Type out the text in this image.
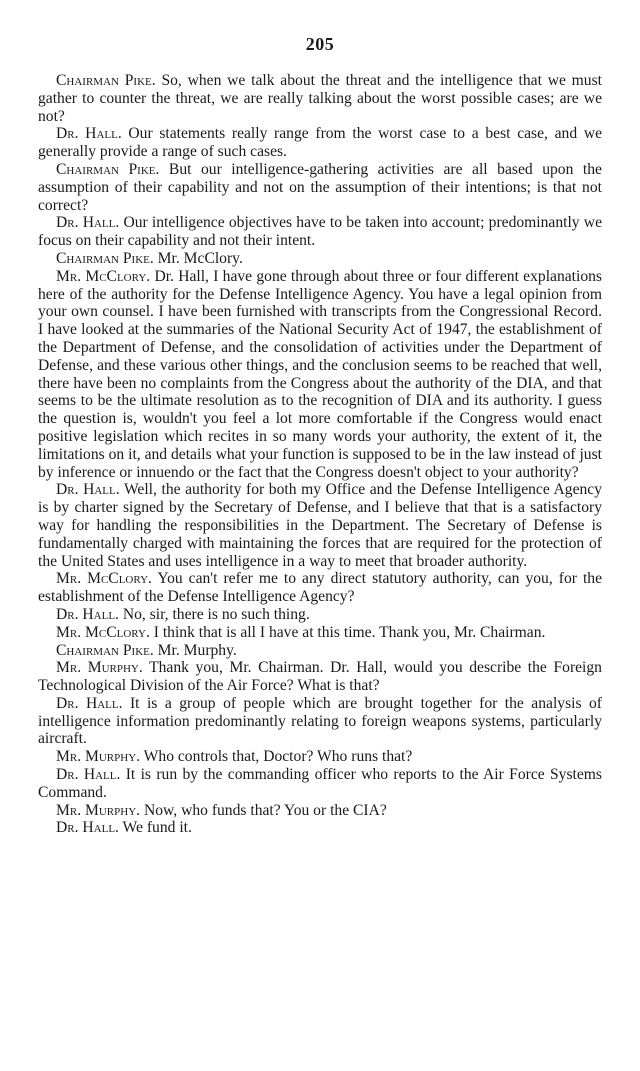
205

Chairman Pike. So, when we talk about the threat and the intelligence that we must gather to counter the threat, we are really talking about the worst possible cases; are we not?

Dr. Hall. Our statements really range from the worst case to a best case, and we generally provide a range of such cases.

Chairman Pike. But our intelligence-gathering activities are all based upon the assumption of their capability and not on the assumption of their intentions; is that not correct?

Dr. Hall. Our intelligence objectives have to be taken into account; predominantly we focus on their capability and not their intent.

Chairman Pike. Mr. McClory.

Mr. McClory. Dr. Hall, I have gone through about three or four different explanations here of the authority for the Defense Intelligence Agency. You have a legal opinion from your own counsel. I have been furnished with transcripts from the Congressional Record. I have looked at the summaries of the National Security Act of 1947, the establishment of the Department of Defense, and the consolidation of activities under the Department of Defense, and these various other things, and the conclusion seems to be reached that well, there have been no complaints from the Congress about the authority of the DIA, and that seems to be the ultimate resolution as to the recognition of DIA and its authority. I guess the question is, wouldn't you feel a lot more comfortable if the Congress would enact positive legislation which recites in so many words your authority, the extent of it, the limitations on it, and details what your function is supposed to be in the law instead of just by inference or innuendo or the fact that the Congress doesn't object to your authority?

Dr. Hall. Well, the authority for both my Office and the Defense Intelligence Agency is by charter signed by the Secretary of Defense, and I believe that that is a satisfactory way for handling the responsibilities in the Department. The Secretary of Defense is fundamentally charged with maintaining the forces that are required for the protection of the United States and uses intelligence in a way to meet that broader authority.

Mr. McClory. You can't refer me to any direct statutory authority, can you, for the establishment of the Defense Intelligence Agency?

Dr. Hall. No, sir, there is no such thing.

Mr. McClory. I think that is all I have at this time. Thank you, Mr. Chairman.

Chairman Pike. Mr. Murphy.

Mr. Murphy. Thank you, Mr. Chairman. Dr. Hall, would you describe the Foreign Technological Division of the Air Force? What is that?

Dr. Hall. It is a group of people which are brought together for the analysis of intelligence information predominantly relating to foreign weapons systems, particularly aircraft.

Mr. Murphy. Who controls that, Doctor? Who runs that?

Dr. Hall. It is run by the commanding officer who reports to the Air Force Systems Command.

Mr. Murphy. Now, who funds that? You or the CIA?

Dr. Hall. We fund it.
